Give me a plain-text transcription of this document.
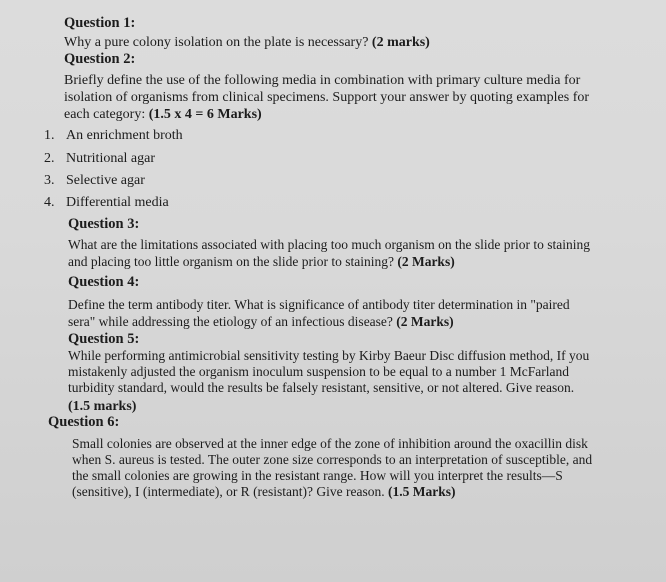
Question 1:
Why a pure colony isolation on the plate is necessary? (2 marks)
Question 2:
Briefly define the use of the following media in combination with primary culture media for
isolation of organisms from clinical specimens. Support your answer by quoting examples for
each category: (1.5 x 4 = 6 Marks)
1. An enrichment broth
2. Nutritional agar
3. Selective agar
4. Differential media
Question 3:
What are the limitations associated with placing too much organism on the slide prior to staining
and placing too little organism on the slide prior to staining? (2 Marks)
Question 4:
Define the term antibody titer. What is significance of antibody titer determination in "paired
sera" while addressing the etiology of an infectious disease? (2 Marks)
Question 5:
While performing antimicrobial sensitivity testing by Kirby Baeur Disc diffusion method, If you
mistakenly adjusted the organism inoculum suspension to be equal to a number 1 McFarland
turbidity standard, would the results be falsely resistant, sensitive, or not altered. Give reason.
(1.5 marks)
Question 6:
Small colonies are observed at the inner edge of the zone of inhibition around the oxacillin disk
when S. aureus is tested. The outer zone size corresponds to an interpretation of susceptible, and
the small colonies are growing in the resistant range. How will you interpret the results—S
(sensitive), I (intermediate), or R (resistant)? Give reason. (1.5 Marks)
